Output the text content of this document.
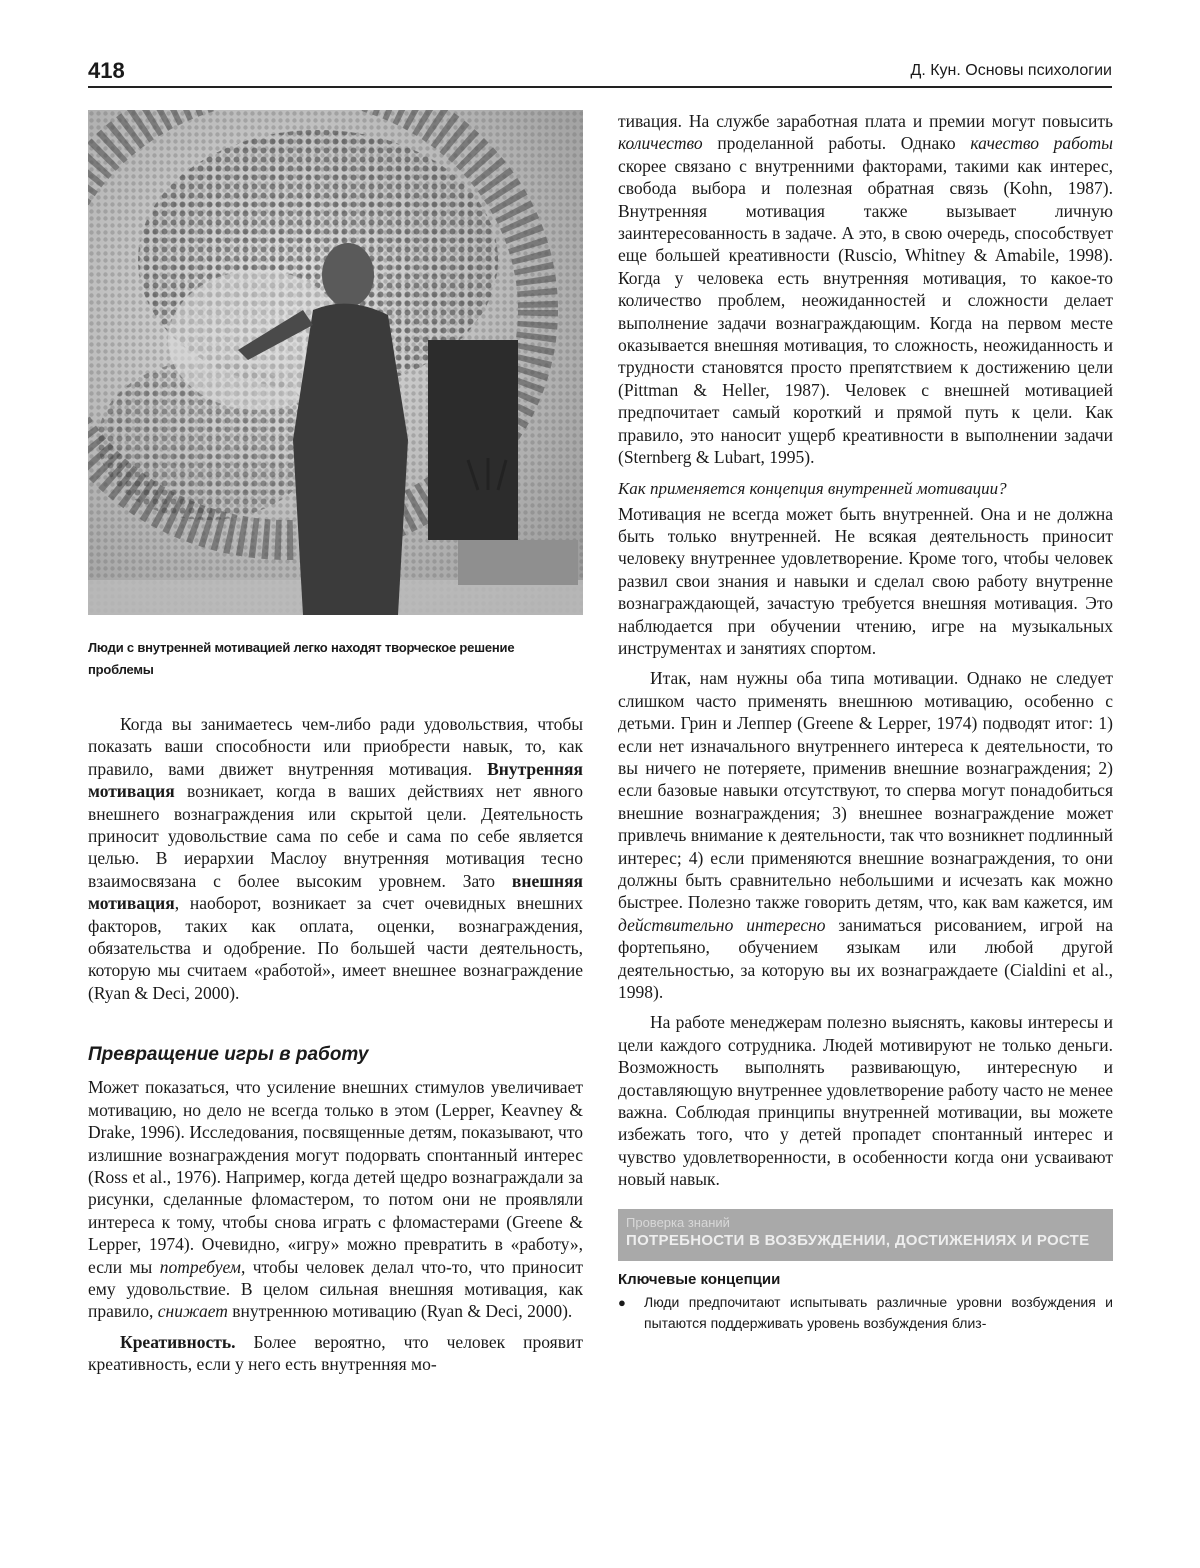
418	Д. Кун. Основы психологии
Люди с внутренней мотивацией легко находят творческое решение проблемы

Когда вы занимаетесь чем-либо ради удовольствия, чтобы показать ваши способности или приобрести навык, то, как правило, вами движет внутренняя мотивация. Внутренняя мотивация возникает, когда в ваших действиях нет явного внешнего вознаграждения или скрытой цели. Деятельность приносит удовольствие сама по себе и сама по себе является целью. В иерархии Маслоу внутренняя мотивация тесно взаимосвязана с более высоким уровнем. Зато внешняя мотивация, наоборот, возникает за счет очевидных внешних факторов, таких как оплата, оценки, вознаграждения, обязательства и одобрение. По большей части деятельность, которую мы считаем «работой», имеет внешнее вознаграждение (Ryan & Deci, 2000).

Превращение игры в работу

Может показаться, что усиление внешних стимулов увеличивает мотивацию, но дело не всегда только в этом (Lepper, Keavney & Drake, 1996). Исследования, посвященные детям, показывают, что излишние вознаграждения могут подорвать спонтанный интерес (Ross et al., 1976). Например, когда детей щедро вознаграждали за рисунки, сделанные фломастером, то потом они не проявляли интереса к тому, чтобы снова играть с фломастерами (Greene & Lepper, 1974). Очевидно, «игру» можно превратить в «работу», если мы потребуем, чтобы человек делал что-то, что приносит ему удовольствие. В целом сильная внешняя мотивация, как правило, снижает внутреннюю мотивацию (Ryan & Deci, 2000).

Креативность. Более вероятно, что человек проявит креативность, если у него есть внутренняя мо-

тивация. На службе заработная плата и премии могут повысить количество проделанной работы. Однако качество работы скорее связано с внутренними факторами, такими как интерес, свобода выбора и полезная обратная связь (Kohn, 1987). Внутренняя мотивация также вызывает личную заинтересованность в задаче. А это, в свою очередь, способствует еще большей креативности (Ruscio, Whitney & Amabile, 1998). Когда у человека есть внутренняя мотивация, то какое-то количество проблем, неожиданностей и сложности делает выполнение задачи вознаграждающим. Когда на первом месте оказывается внешняя мотивация, то сложность, неожиданность и трудности становятся просто препятствием к достижению цели (Pittman & Heller, 1987). Человек с внешней мотивацией предпочитает самый короткий и прямой путь к цели. Как правило, это наносит ущерб креативности в выполнении задачи (Sternberg & Lubart, 1995).

Как применяется концепция внутренней мотивации?

Мотивация не всегда может быть внутренней. Она и не должна быть только внутренней. Не всякая деятельность приносит человеку внутреннее удовлетворение. Кроме того, чтобы человек развил свои знания и навыки и сделал свою работу внутренне вознаграждающей, зачастую требуется внешняя мотивация. Это наблюдается при обучении чтению, игре на музыкальных инструментах и занятиях спортом.

Итак, нам нужны оба типа мотивации. Однако не следует слишком часто применять внешнюю мотивацию, особенно с детьми. Грин и Леппер (Greene & Lepper, 1974) подводят итог: 1) если нет изначального внутреннего интереса к деятельности, то вы ничего не потеряете, применив внешние вознаграждения; 2) если базовые навыки отсутствуют, то сперва могут понадобиться внешние вознаграждения; 3) внешнее вознаграждение может привлечь внимание к деятельности, так что возникнет подлинный интерес; 4) если применяются внешние вознаграждения, то они должны быть сравнительно небольшими и исчезать как можно быстрее. Полезно также говорить детям, что, как вам кажется, им действительно интересно заниматься рисованием, игрой на фортепьяно, обучением языкам или любой другой деятельностью, за которую вы их вознаграждаете (Cialdini et al., 1998).

На работе менеджерам полезно выяснять, каковы интересы и цели каждого сотрудника. Людей мотивируют не только деньги. Возможность выполнять развивающую, интересную и доставляющую внутреннее удовлетворение работу часто не менее важна. Соблюдая принципы внутренней мотивации, вы можете избежать того, что у детей пропадет спонтанный интерес и чувство удовлетворенности, в особенности когда они усваивают новый навык.

Проверка знаний
ПОТРЕБНОСТИ В ВОЗБУЖДЕНИИ, ДОСТИЖЕНИЯХ И РОСТЕ
Ключевые концепции
●	Люди предпочитают испытывать различные уровни возбуждения и пытаются поддерживать уровень возбуждения близ-
